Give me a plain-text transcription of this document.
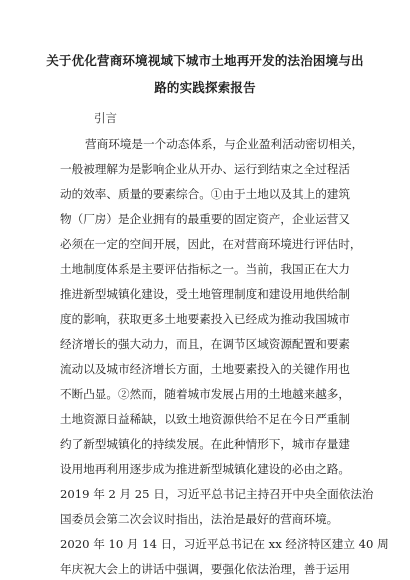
关于优化营商环境视域下城市土地再开发的法治困境与出
路的实践探索报告
引言
营商环境是一个动态体系，与企业盈利活动密切相关，
一般被理解为是影响企业从开办、运行到结束之全过程活
动的效率、质量的要素综合。①由于土地以及其上的建筑
物（厂房）是企业拥有的最重要的固定资产，企业运营又
必须在一定的空间开展，因此，在对营商环境进行评估时，
土地制度体系是主要评估指标之一。当前，我国正在大力
推进新型城镇化建设，受土地管理制度和建设用地供给制
度的影响，获取更多土地要素投入已经成为推动我国城市
经济增长的强大动力，而且，在调节区域资源配置和要素
流动以及城市经济增长方面，土地要素投入的关键作用也
不断凸显。②然而，随着城市发展占用的土地越来越多，
土地资源日益稀缺，以致土地资源供给不足在今日严重制
约了新型城镇化的持续发展。在此种情形下，城市存量建
设用地再利用逐步成为推进新型城镇化建设的必由之路。
2019 年 2 月 25 日，习近平总书记主持召开中央全面依法治
国委员会第二次会议时指出，法治是最好的营商环境。
2020 年 10 月 14 日，习近平总书记在 xx 经济特区建立 40 周
年庆祝大会上的讲话中强调，要强化依法治理，善于运用
